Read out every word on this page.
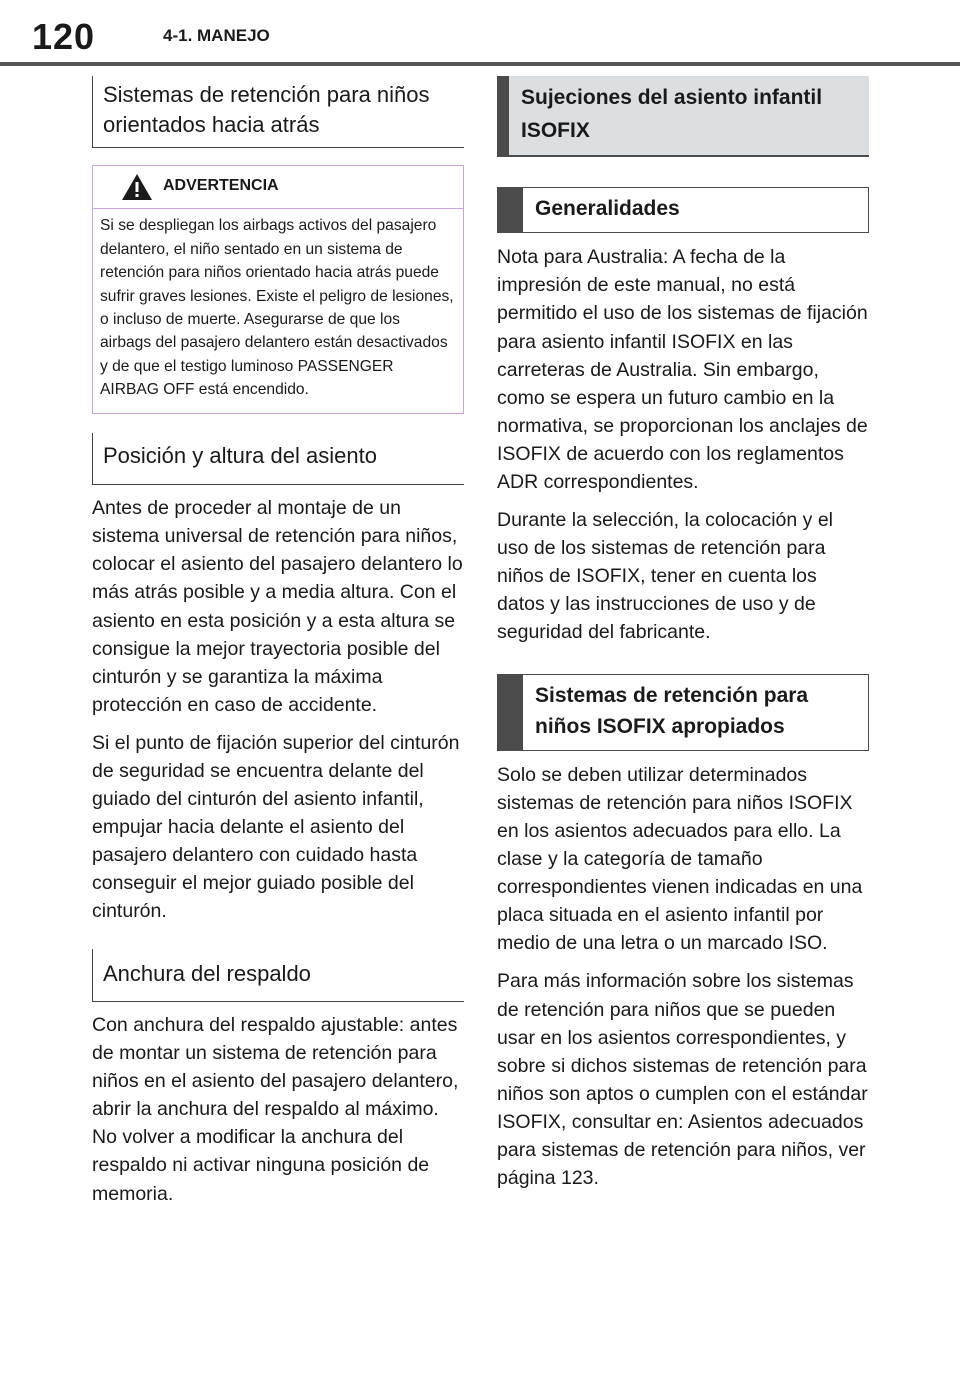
120	4-1. MANEJO
Sistemas de retención para niños orientados hacia atrás
ADVERTENCIA
Si se despliegan los airbags activos del pasajero delantero, el niño sentado en un sistema de retención para niños orientado hacia atrás puede sufrir graves lesiones. Existe el peligro de lesiones, o incluso de muerte. Asegurarse de que los airbags del pasajero delantero están desactivados y de que el testigo luminoso PASSENGER AIRBAG OFF está encendido.
Posición y altura del asiento

Antes de proceder al montaje de un sistema universal de retención para niños, colocar el asiento del pasajero delantero lo más atrás posible y a media altura. Con el asiento en esta posición y a esta altura se consigue la mejor trayectoria posible del cinturón y se garantiza la máxima protección en caso de accidente.

Si el punto de fijación superior del cinturón de seguridad se encuentra delante del guiado del cinturón del asiento infantil, empujar hacia delante el asiento del pasajero delantero con cuidado hasta conseguir el mejor guiado posible del cinturón.

Anchura del respaldo

Con anchura del respaldo ajustable: antes de montar un sistema de retención para niños en el asiento del pasajero delantero, abrir la anchura del respaldo al máximo. No volver a modificar la anchura del respaldo ni activar ninguna posición de memoria.

Sujeciones del asiento infantil ISOFIX
Generalidades

Nota para Australia: A fecha de la impresión de este manual, no está permitido el uso de los sistemas de fijación para asiento infantil ISOFIX en las carreteras de Australia. Sin embargo, como se espera un futuro cambio en la normativa, se proporcionan los anclajes de ISOFIX de acuerdo con los reglamentos ADR correspondientes.

Durante la selección, la colocación y el uso de los sistemas de retención para niños de ISOFIX, tener en cuenta los datos y las instrucciones de uso y de seguridad del fabricante.

Sistemas de retención para niños ISOFIX apropiados

Solo se deben utilizar determinados sistemas de retención para niños ISOFIX en los asientos adecuados para ello. La clase y la categoría de tamaño correspondientes vienen indicadas en una placa situada en el asiento infantil por medio de una letra o un marcado ISO.

Para más información sobre los sistemas de retención para niños que se pueden usar en los asientos correspondientes, y sobre si dichos sistemas de retención para niños son aptos o cumplen con el estándar ISOFIX, consultar en: Asientos adecuados para sistemas de retención para niños, ver página 123.
